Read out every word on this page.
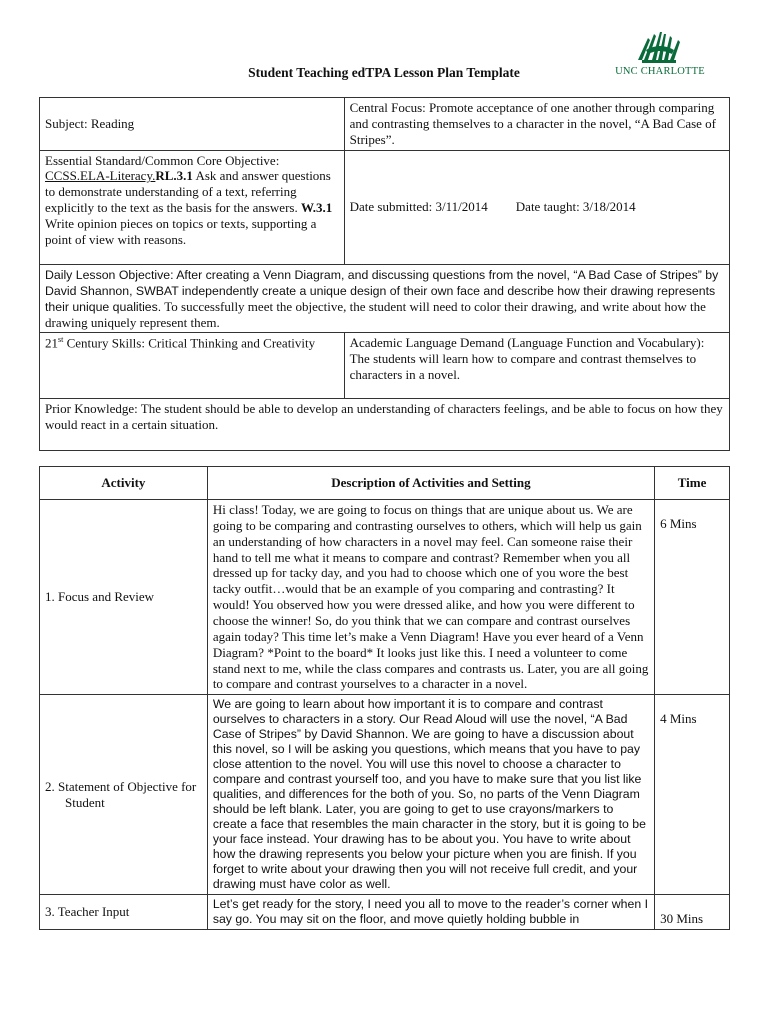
Student Teaching edTPA Lesson Plan Template	UNC CHARLOTTE
Subject: Reading	Central Focus: Promote acceptance of one another through comparing and contrasting themselves to a character in the novel, “A Bad Case of Stripes”.
Essential Standard/Common Core Objective:
CCSS.ELA-Literacy.RL.3.1 Ask and answer questions to demonstrate understanding of a text, referring explicitly to the text as the basis for the answers. W.3.1 Write opinion pieces on topics or texts, supporting a point of view with reasons.	Date submitted: 3/11/2014 Date taught: 3/18/2014
Daily Lesson Objective: After creating a Venn Diagram, and discussing questions from the novel, “A Bad Case of Stripes” by David Shannon, SWBAT independently create a unique design of their own face and describe how their drawing represents their unique qualities. To successfully meet the objective, the student will need to color their drawing, and write about how the drawing uniquely represent them.	
21st Century Skills: Critical Thinking and Creativity	Academic Language Demand (Language Function and Vocabulary): The students will learn how to compare and contrast themselves to characters in a novel.
Prior Knowledge: The student should be able to develop an understanding of characters feelings, and be able to focus on how they would react in a certain situation.	
Activity	Description of Activities and Setting	Time
1. Focus and Review	Hi class! Today, we are going to focus on things that are unique about us. We are going to be comparing and contrasting ourselves to others, which will help us gain an understanding of how characters in a novel may feel. Can someone raise their hand to tell me what it means to compare and contrast? Remember when you all dressed up for tacky day, and you had to choose which one of you wore the best tacky outfit…would that be an example of you comparing and contrasting? It would! You observed how you were dressed alike, and how you were different to choose the winner! So, do you think that we can compare and contrast ourselves again today? This time let’s make a Venn Diagram! Have you ever heard of a Venn Diagram? *Point to the board* It looks just like this. I need a volunteer to come stand next to me, while the class compares and contrasts us. Later, you are all going to compare and contrast yourselves to a character in a novel.	6 Mins

2. Statement of Objective for Student	We are going to learn about how important it is to compare and contrast ourselves to characters in a story. Our Read Aloud will use the novel, “A Bad Case of Stripes” by David Shannon. We are going to have a discussion about this novel, so I will be asking you questions, which means that you have to pay close attention to the novel. You will use this novel to choose a character to compare and contrast yourself too, and you have to make sure that you list like qualities, and differences for the both of you. So, no parts of the Venn Diagram should be left blank. Later, you are going to get to use crayons/markers to create a face that resembles the main character in the story, but it is going to be your face instead. Your drawing has to be about you. You have to write about how the drawing represents you below your picture when you are finish. If you forget to write about your drawing then you will not receive full credit, and your drawing must have color as well.	4 Mins
3. Teacher Input	Let’s get ready for the story, I need you all to move to the reader’s corner when I say go. You may sit on the floor, and move quietly holding bubble in	30 Mins
